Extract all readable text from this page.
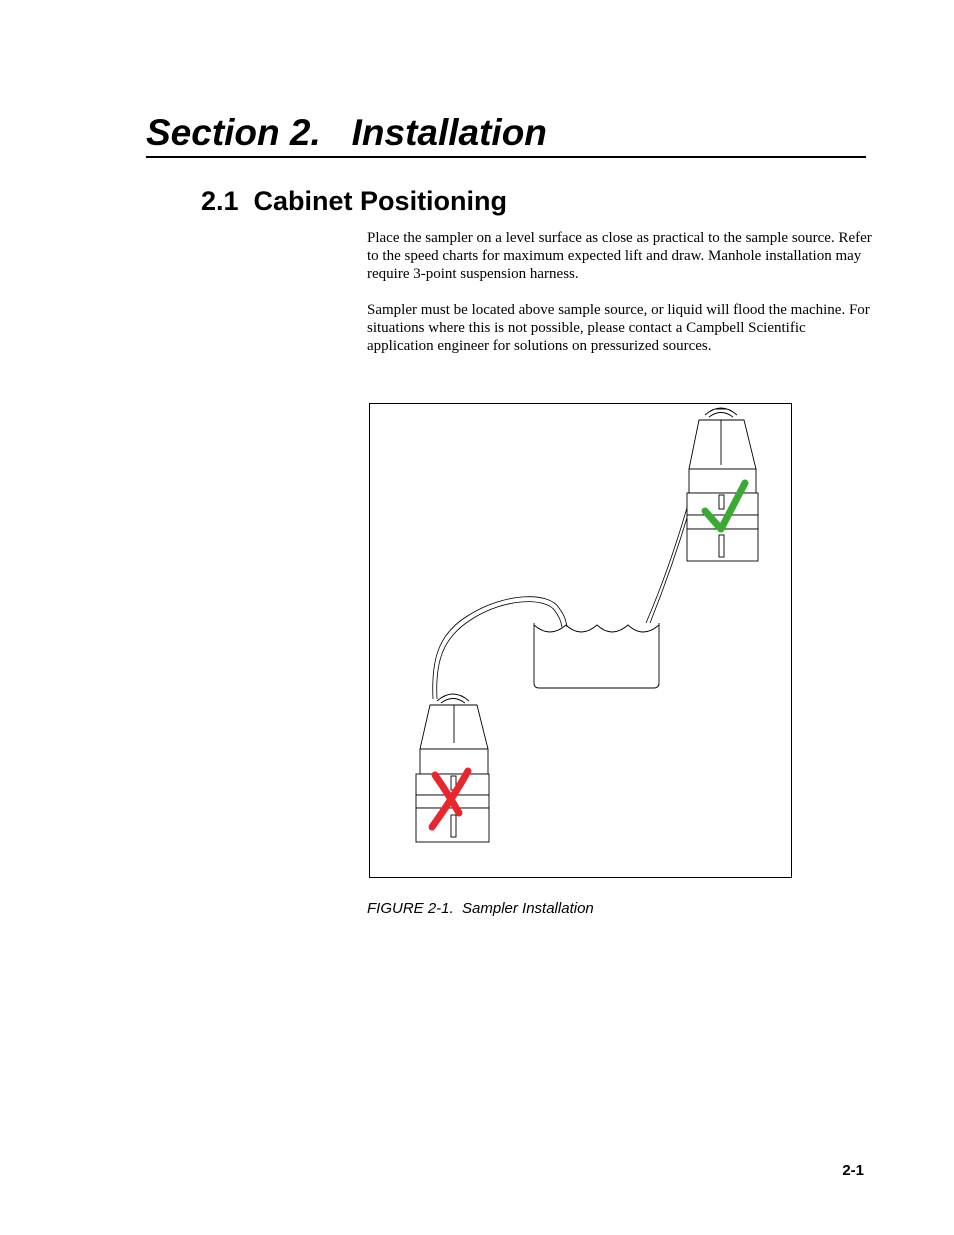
Section 2.   Installation
2.1  Cabinet Positioning

Place the sampler on a level surface as close as practical to the sample source. Refer to the speed charts for maximum expected lift and draw. Manhole installation may require 3-point suspension harness.

Sampler must be located above sample source, or liquid will flood the machine. For situations where this is not possible, please contact a Campbell Scientific application engineer for solutions on pressurized sources.

FIGURE 2-1.  Sampler Installation

2-1
